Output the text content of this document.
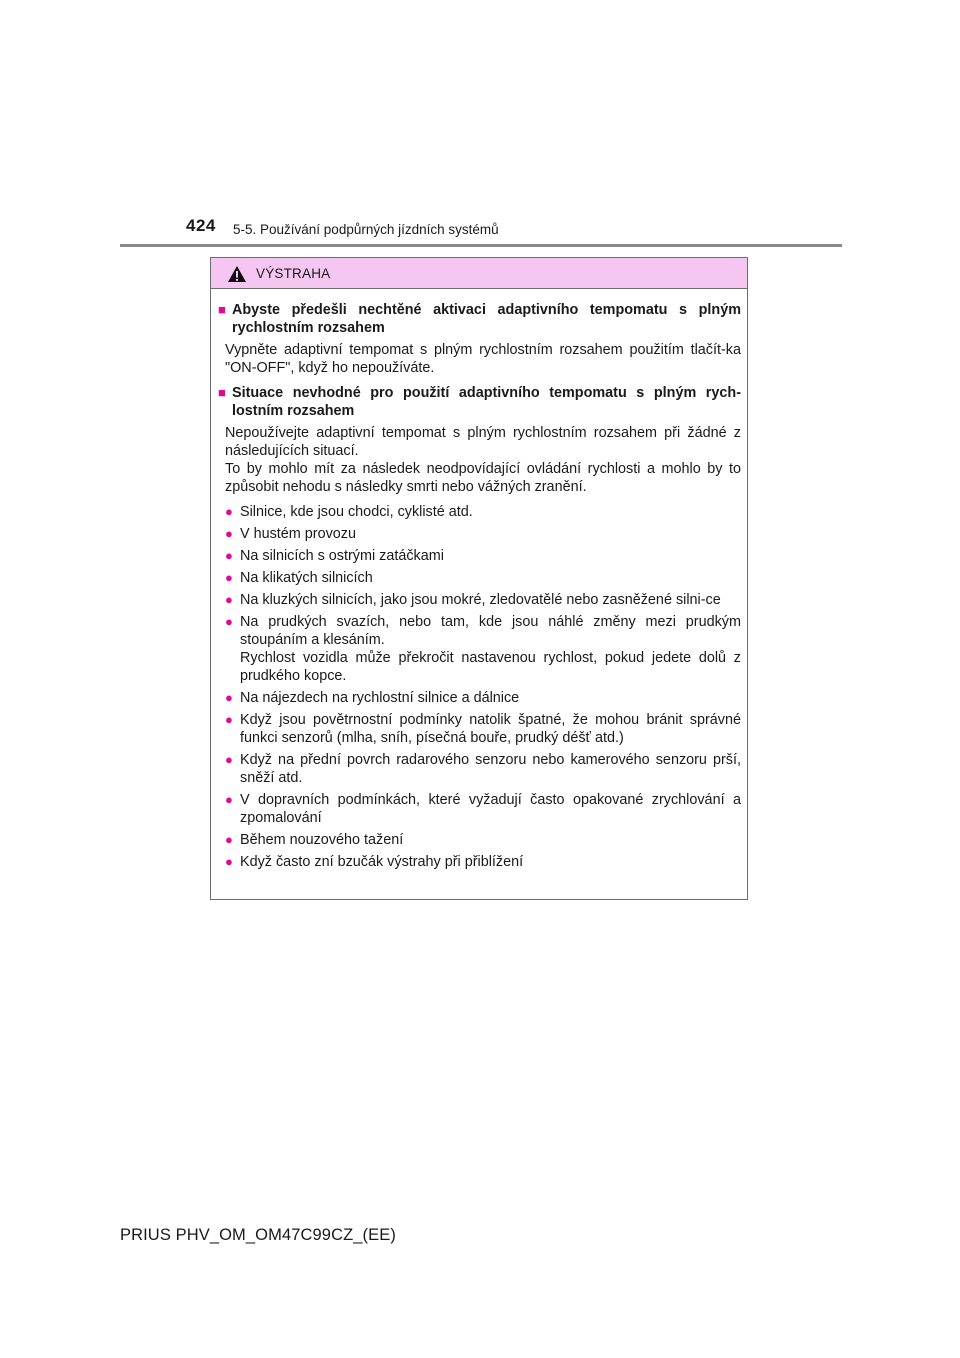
424 5-5. Používání podpůrných jízdních systémů
VÝSTRAHA
■ Abyste předešli nechtěné aktivaci adaptivního tempomatu s plným rychlostním rozsahem

Vypněte adaptivní tempomat s plným rychlostním rozsahem použitím tlačít-ka "ON-OFF", když ho nepoužíváte.

■ Situace nevhodné pro použití adaptivního tempomatu s plným rych-lostním rozsahem

Nepoužívejte adaptivní tempomat s plným rychlostním rozsahem při žádné z následujících situací.

To by mohlo mít za následek neodpovídající ovládání rychlosti a mohlo by to způsobit nehodu s následky smrti nebo vážných zranění.

● Silnice, kde jsou chodci, cyklisté atd.
● V hustém provozu
● Na silnicích s ostrými zatáčkami
● Na klikatých silnicích
● Na kluzkých silnicích, jako jsou mokré, zledovatělé nebo zasněžené silni-ce
● Na prudkých svazích, nebo tam, kde jsou náhlé změny mezi prudkým stoupáním a klesáním.
Rychlost vozidla může překročit nastavenou rychlost, pokud jedete dolů z prudkého kopce.
● Na nájezdech na rychlostní silnice a dálnice
● Když jsou povětrnostní podmínky natolik špatné, že mohou bránit správné funkci senzorů (mlha, sníh, písečná bouře, prudký déšť atd.)
● Když na přední povrch radarového senzoru nebo kamerového senzoru prší, sněží atd.
● V dopravních podmínkách, které vyžadují často opakované zrychlování a zpomalování
● Během nouzového tažení
● Když často zní bzučák výstrahy při přiblížení
PRIUS PHV_OM_OM47C99CZ_(EE)
